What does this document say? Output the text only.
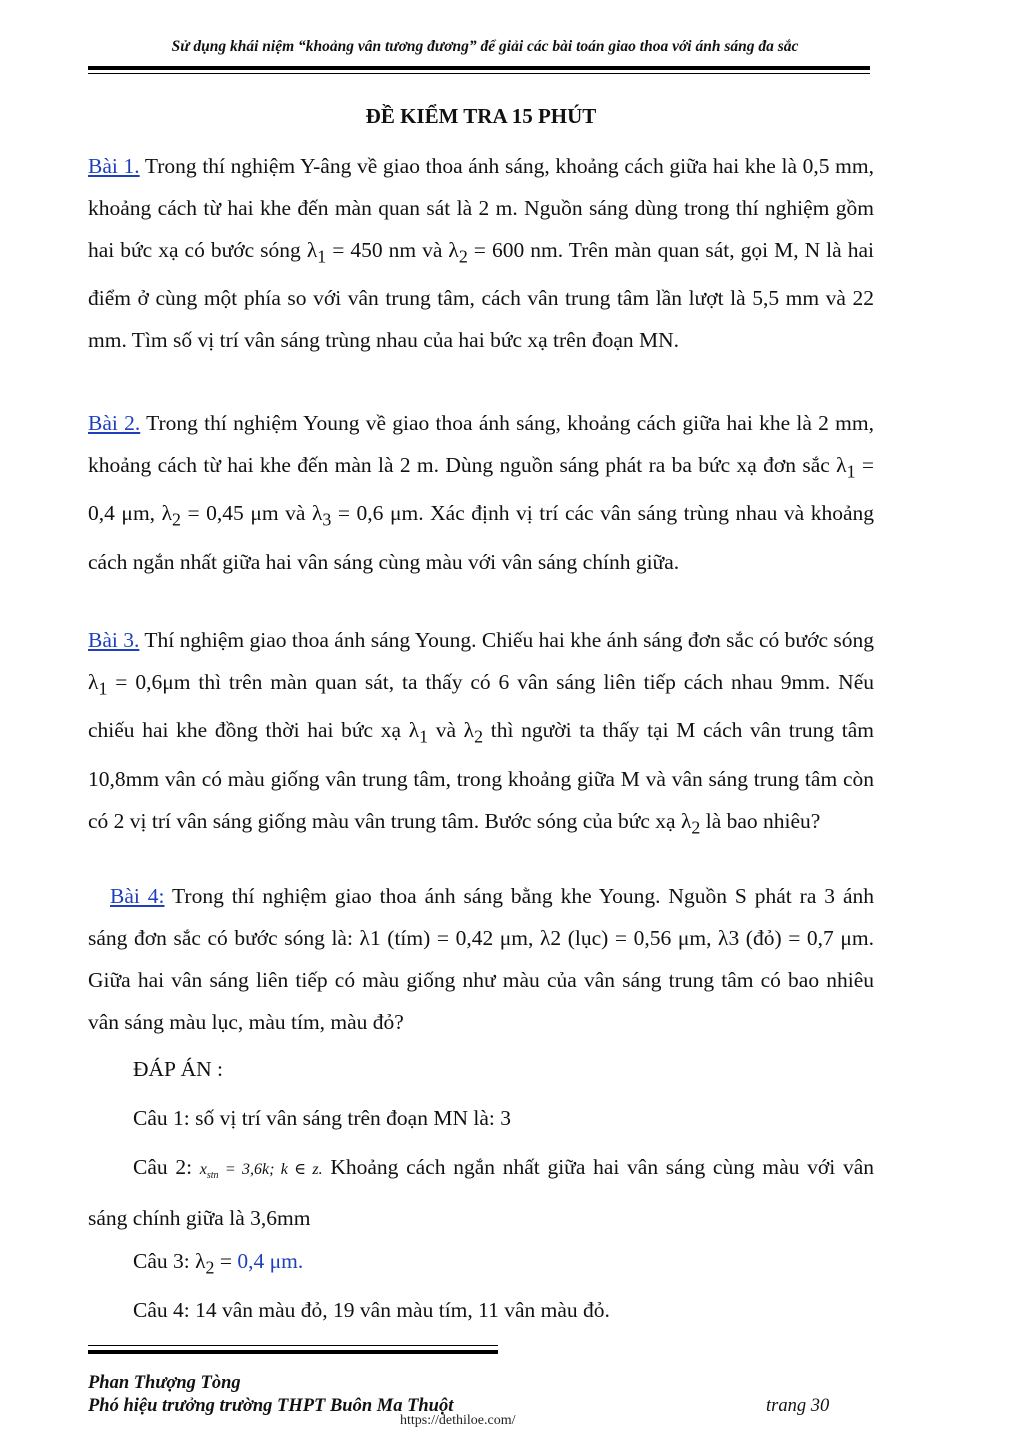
Sử dụng khái niệm “khoảng vân tương đương” để giải các bài toán giao thoa với ánh sáng đa sắc
ĐỀ KIỂM TRA 15 PHÚT
Bài 1. Trong thí nghiệm Y-âng về giao thoa ánh sáng, khoảng cách giữa hai khe là 0,5 mm, khoảng cách từ hai khe đến màn quan sát là 2 m. Nguồn sáng dùng trong thí nghiệm gồm hai bức xạ có bước sóng $\lambda_1 = 450$ nm và $\lambda_2 = 600$ nm. Trên màn quan sát, gọi M, N là hai điểm ở cùng một phía so với vân trung tâm, cách vân trung tâm lần lượt là 5,5 mm và 22 mm. Tìm số vị trí vân sáng trùng nhau của hai bức xạ trên đoạn MN.
Bài 2. Trong thí nghiệm Young về giao thoa ánh sáng, khoảng cách giữa hai khe là 2 mm, khoảng cách từ hai khe đến màn là 2 m. Dùng nguồn sáng phát ra ba bức xạ đơn sắc $\lambda_1 = 0,4$ μm, $\lambda_2 = 0,45$ μm và $\lambda_3 = 0,6$ μm. Xác định vị trí các vân sáng trùng nhau và khoảng cách ngắn nhất giữa hai vân sáng cùng màu với vân sáng chính giữa.
Bài 3. Thí nghiệm giao thoa ánh sáng Young. Chiếu hai khe ánh sáng đơn sắc có bước sóng $\lambda_1 = 0,6\mu m$ thì trên màn quan sát, ta thấy có 6 vân sáng liên tiếp cách nhau 9mm. Nếu chiếu hai khe đồng thời hai bức xạ $\lambda_1$ và $\lambda_2$ thì người ta thấy tại M cách vân trung tâm 10,8mm vân có màu giống vân trung tâm, trong khoảng giữa M và vân sáng trung tâm còn có 2 vị trí vân sáng giống màu vân trung tâm. Bước sóng của bức xạ $\lambda_2$ là bao nhiêu?
Bài 4: Trong thí nghiệm giao thoa ánh sáng bằng khe Young. Nguồn S phát ra 3 ánh sáng đơn sắc có bước sóng là: λ1 (tím) = 0,42 μm, λ2 (lục) = 0,56 μm, λ3 (đỏ) = 0,7 μm. Giữa hai vân sáng liên tiếp có màu giống như màu của vân sáng trung tâm có bao nhiêu vân sáng màu lục, màu tím, màu đỏ?
ĐÁP ÁN :
Câu 1: số vị trí vân sáng trên đoạn MN là: 3
Câu 2: $x_{stn} = 3,6k$; k ∈ z. Khoảng cách ngắn nhất giữa hai vân sáng cùng màu với vân sáng chính giữa là 3,6mm
Câu 3: $\lambda_2 = 0,4$ μm.
Câu 4: 14 vân màu đỏ, 19 vân màu tím, 11 vân màu đỏ.
Phan Thượng Tòng
Phó hiệu trưởng trường THPT Buôn Ma Thuột	trang 30
https://dethiloe.com/
